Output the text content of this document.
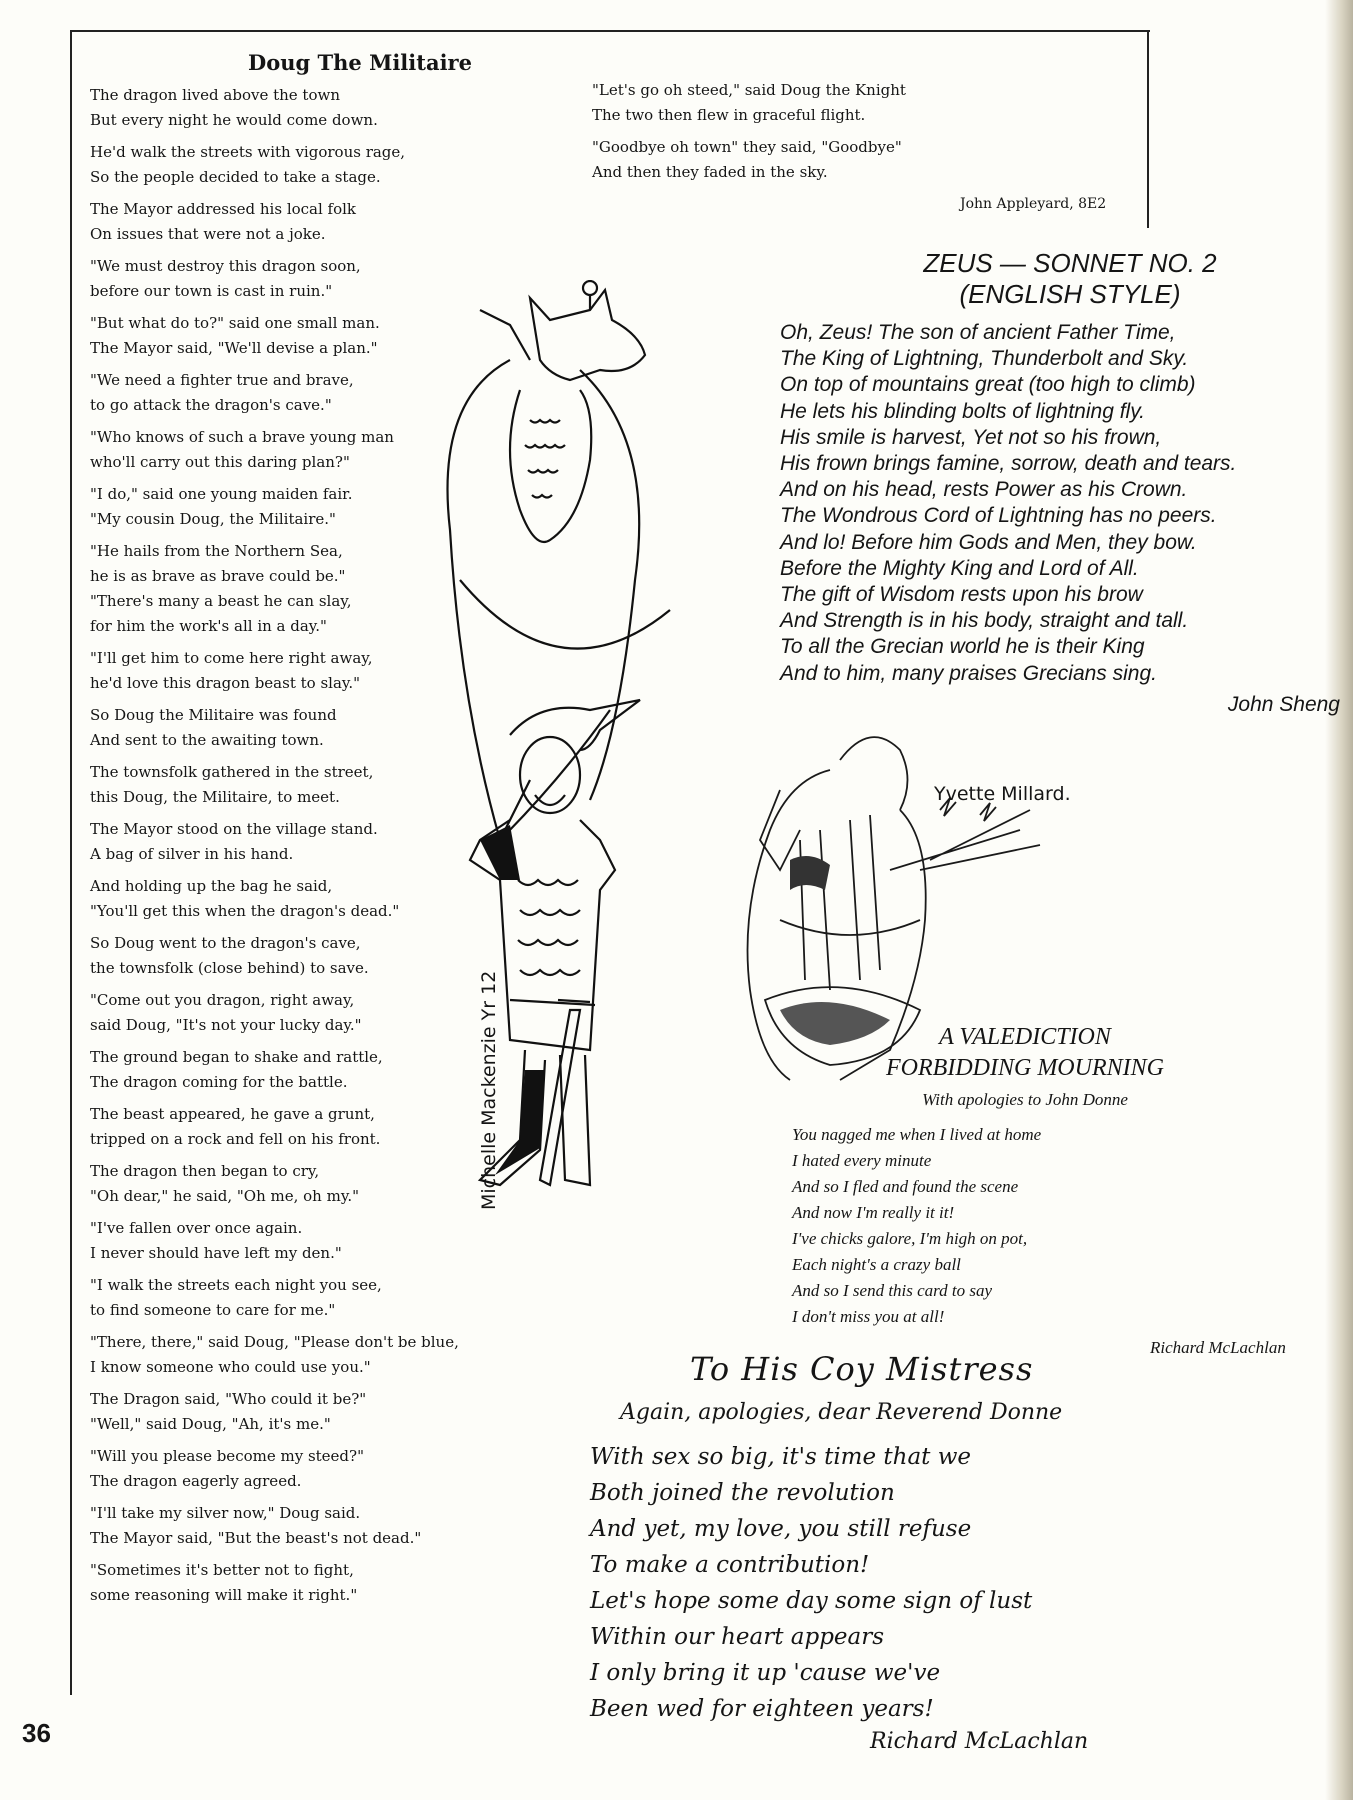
Doug The Militaire
The dragon lived above the town
But every night he would come down.
He'd walk the streets with vigorous rage,
So the people decided to take a stage.
The Mayor addressed his local folk
On issues that were not a joke.
"We must destroy this dragon soon,
before our town is cast in ruin."
"But what do to?" said one small man.
The Mayor said, "We'll devise a plan."
"We need a fighter true and brave,
to go attack the dragon's cave."
"Who knows of such a brave young man
who'll carry out this daring plan?"
"I do," said one young maiden fair.
"My cousin Doug, the Militaire."
"He hails from the Northern Sea,
he is as brave as brave could be."
"There's many a beast he can slay,
for him the work's all in a day."
"I'll get him to come here right away,
he'd love this dragon beast to slay."
So Doug the Militaire was found
And sent to the awaiting town.
The townsfolk gathered in the street,
this Doug, the Militaire, to meet.
The Mayor stood on the village stand.
A bag of silver in his hand.
And holding up the bag he said,
"You'll get this when the dragon's dead."
So Doug went to the dragon's cave,
the townsfolk (close behind) to save.
"Come out you dragon, right away,
said Doug, "It's not your lucky day."
The ground began to shake and rattle,
The dragon coming for the battle.
The beast appeared, he gave a grunt,
tripped on a rock and fell on his front.
The dragon then began to cry,
"Oh dear," he said, "Oh me, oh my."
"I've fallen over once again.
I never should have left my den."
"I walk the streets each night you see,
to find someone to care for me."
"There, there," said Doug, "Please don't be blue,
I know someone who could use you."
The Dragon said, "Who could it be?"
"Well," said Doug, "Ah, it's me."
"Will you please become my steed?"
The dragon eagerly agreed.
"I'll take my silver now," Doug said.
The Mayor said, "But the beast's not dead."
"Sometimes it's better not to fight,
some reasoning will make it right."
"Let's go oh steed," said Doug the Knight
The two then flew in graceful flight.
"Goodbye oh town" they said, "Goodbye"
And then they faded in the sky.
John Appleyard, 8E2
Michelle Mackenzie Yr 12
ZEUS — SONNET NO. 2
(ENGLISH STYLE)
Oh, Zeus! The son of ancient Father Time,
The King of Lightning, Thunderbolt and Sky.
On top of mountains great (too high to climb)
He lets his blinding bolts of lightning fly.
His smile is harvest, Yet not so his frown,
His frown brings famine, sorrow, death and tears.
And on his head, rests Power as his Crown.
The Wondrous Cord of Lightning has no peers.
And lo! Before him Gods and Men, they bow.
Before the Mighty King and Lord of All.
The gift of Wisdom rests upon his brow
And Strength is in his body, straight and tall.
To all the Grecian world he is their King
And to him, many praises Grecians sing.
John Sheng
Yvette Millard.
A VALEDICTION
FORBIDDING MOURNING
With apologies to John Donne
You nagged me when I lived at home
I hated every minute
And so I fled and found the scene
And now I'm really it it!
I've chicks galore, I'm high on pot,
Each night's a crazy ball
And so I send this card to say
I don't miss you at all!
Richard McLachlan
To His Coy Mistress
Again, apologies, dear Reverend Donne
With sex so big, it's time that we
Both joined the revolution
And yet, my love, you still refuse
To make a contribution!
Let's hope some day some sign of lust
Within our heart appears
I only bring it up 'cause we've
Been wed for eighteen years!
Richard McLachlan
36
